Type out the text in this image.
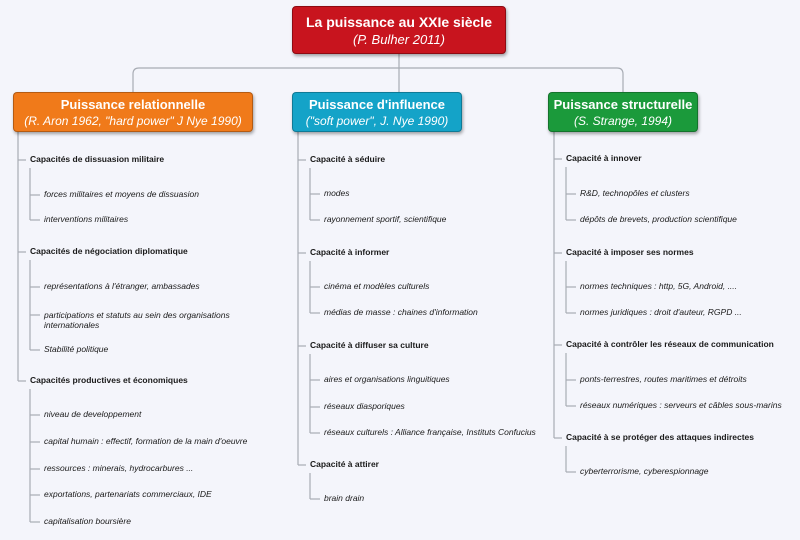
La puissance au XXIe siècle
(P. Bulher 2011)
Puissance relationnelle
(R. Aron 1962, "hard power" J Nye 1990)
Puissance d'influence
("soft power", J. Nye 1990)
Puissance structurelle
(S. Strange, 1994)
Capacités de dissuasion militaire
forces militaires et moyens de dissuasion
interventions militaires
Capacités de négociation diplomatique
représentations à l'étranger, ambassades
participations et statuts au sein des organisations internationales
Stabilité politique
Capacités productives et économiques
niveau de developpement
capital humain : effectif, formation de la main d'oeuvre
ressources : minerais, hydrocarbures ...
exportations, partenariats commerciaux, IDE
capitalisation boursière
Capacité à séduire
modes
rayonnement sportif, scientifique
Capacité à informer
cinéma et modèles culturels
médias de masse : chaines d'information
Capacité à diffuser sa culture
aires et organisations linguitiques
réseaux diasporiques
réseaux culturels : Alliance française, Instituts Confucius
Capacité à attirer
brain drain
Capacité à innover
R&D, technopôles et clusters
dépôts de brevets, production scientifique
Capacité à imposer ses normes
normes techniques : http, 5G, Android, ....
normes juridiques : droit d'auteur, RGPD ...
Capacité à contrôler les réseaux de communication
ponts-terrestres, routes maritimes et détroits
réseaux numériques : serveurs et câbles sous-marins
Capacité à se protéger des attaques indirectes
cyberterrorisme, cyberespionnage
